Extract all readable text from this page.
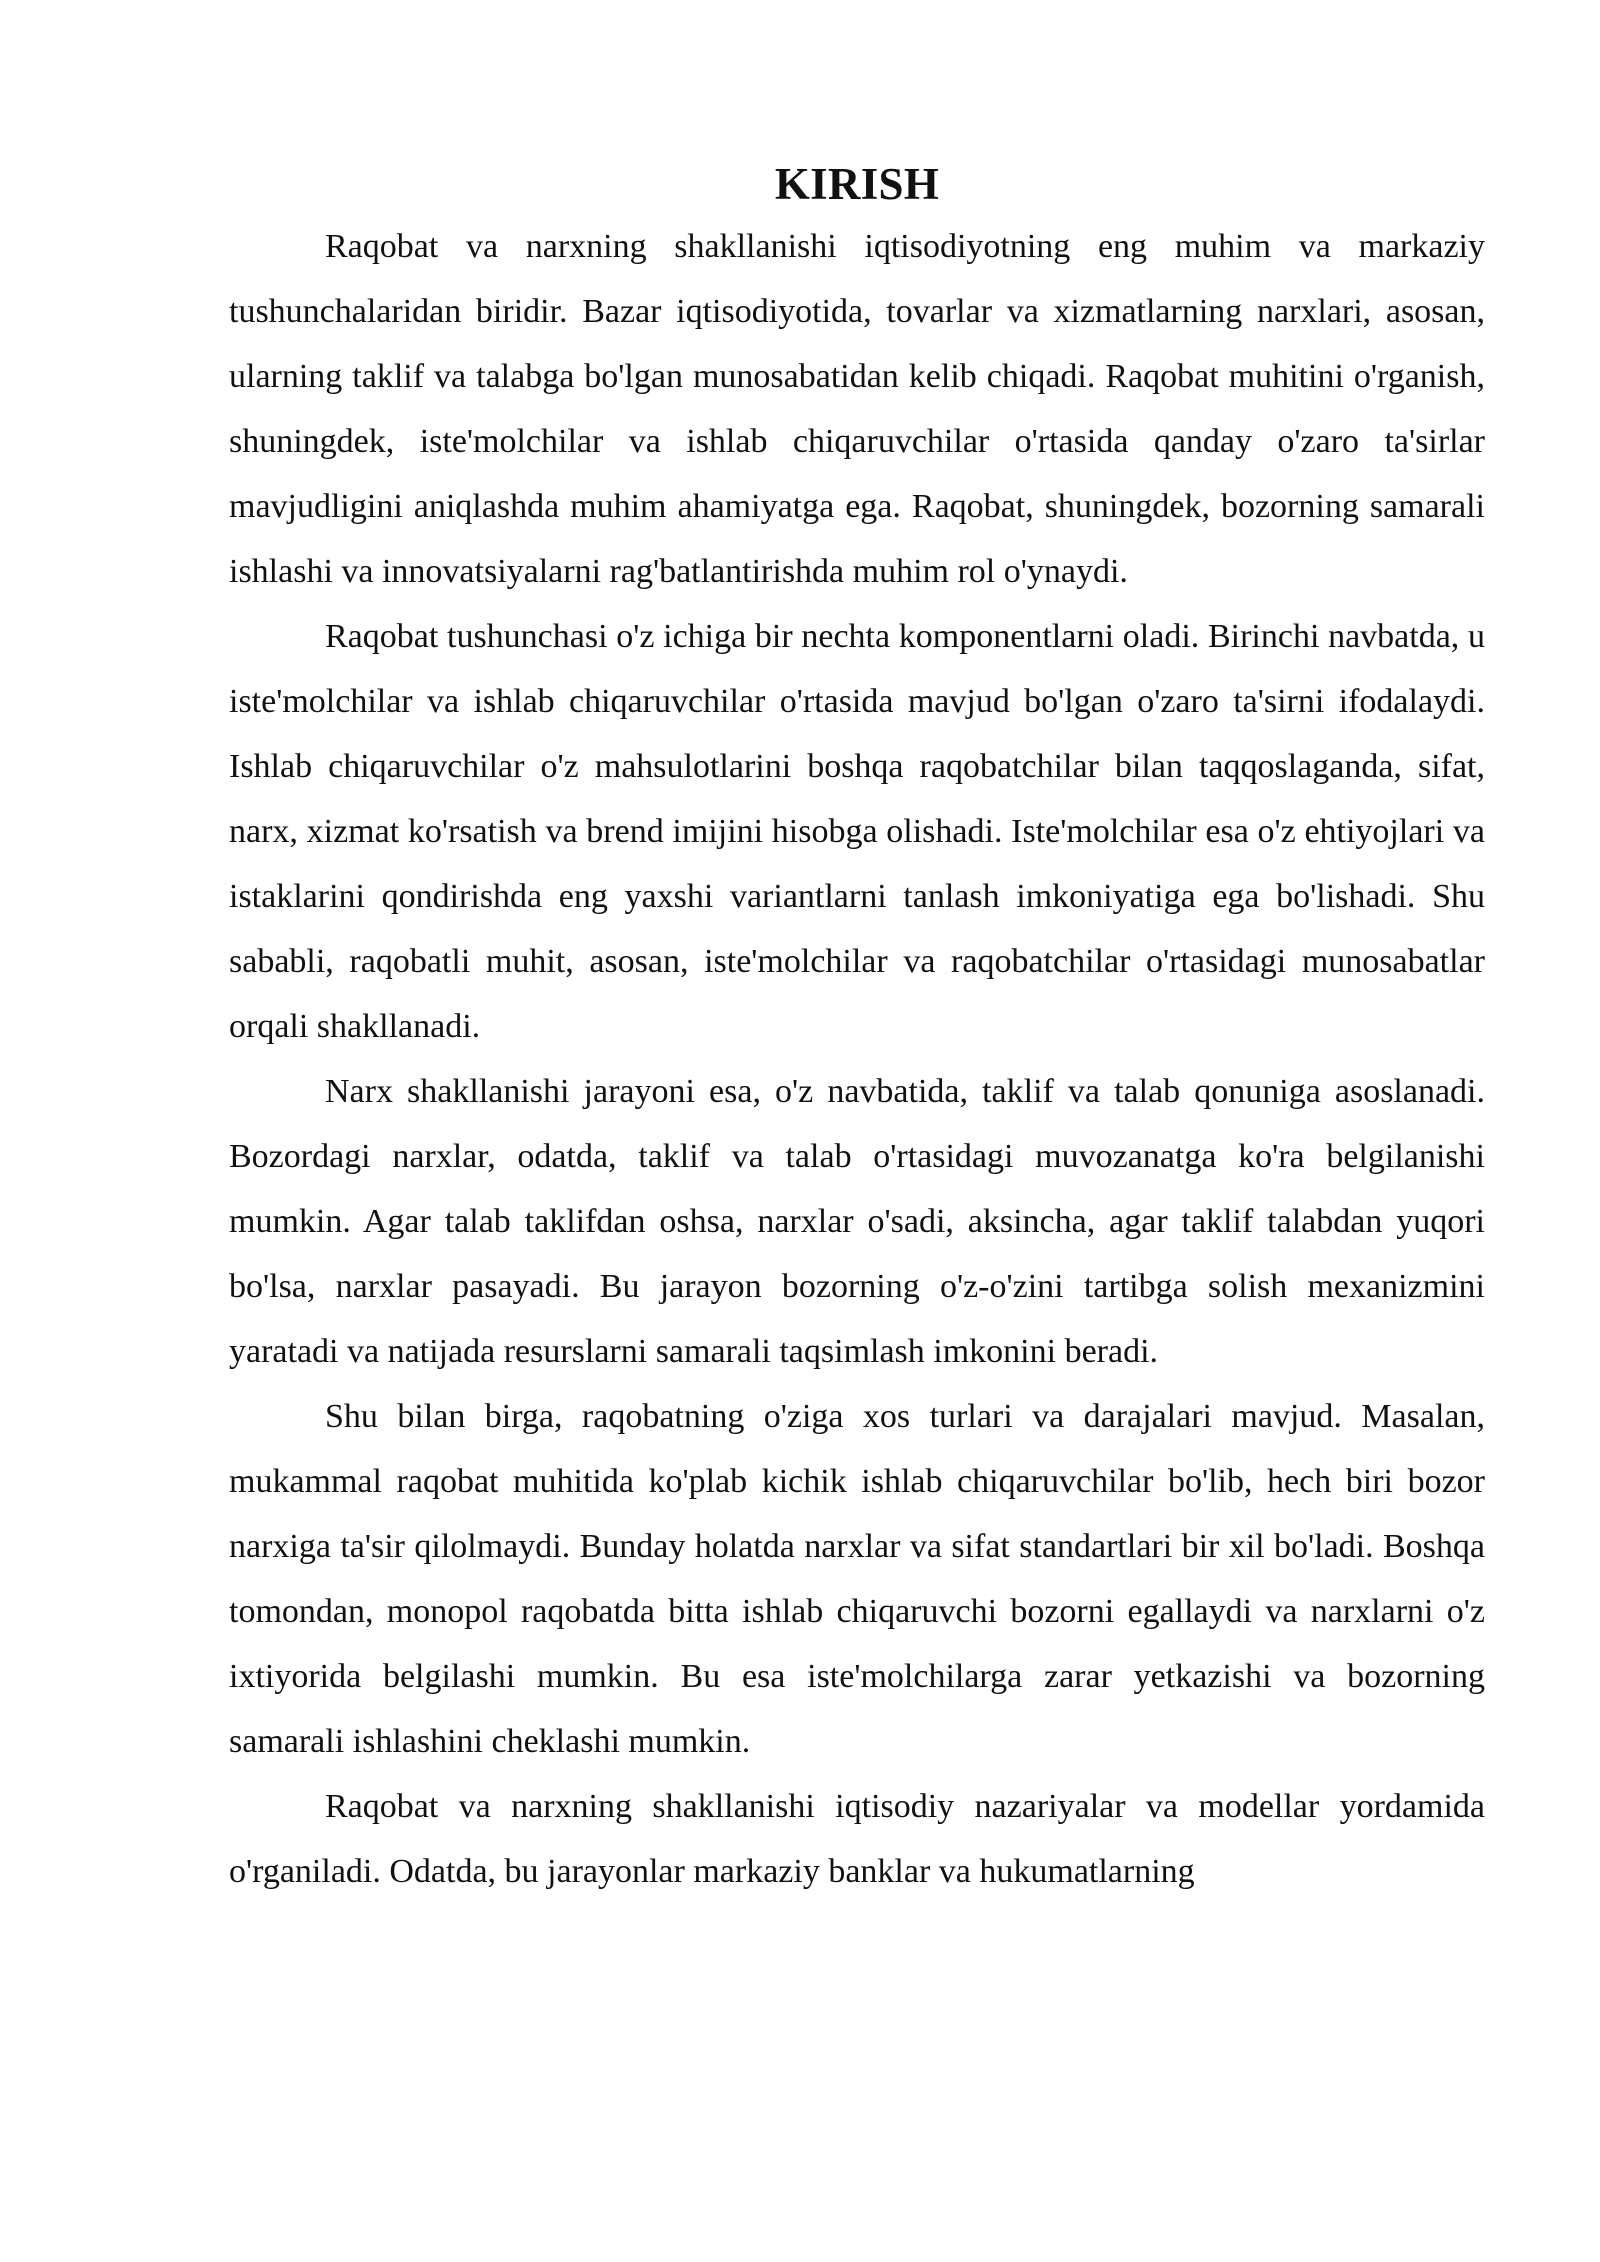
KIRISH

Raqobat va narxning shakllanishi iqtisodiyotning eng muhim va markaziy tushunchalaridan biridir. Bazar iqtisodiyotida, tovarlar va xizmatlarning narxlari, asosan, ularning taklif va talabga bo'lgan munosabatidan kelib chiqadi. Raqobat muhitini o'rganish, shuningdek, iste'molchilar va ishlab chiqaruvchilar o'rtasida qanday o'zaro ta'sirlar mavjudligini aniqlashda muhim ahamiyatga ega. Raqobat, shuningdek, bozorning samarali ishlashi va innovatsiyalarni rag'batlantirishda muhim rol o'ynaydi.

Raqobat tushunchasi o'z ichiga bir nechta komponentlarni oladi. Birinchi navbatda, u iste'molchilar va ishlab chiqaruvchilar o'rtasida mavjud bo'lgan o'zaro ta'sirni ifodalaydi. Ishlab chiqaruvchilar o'z mahsulotlarini boshqa raqobatchilar bilan taqqoslaganda, sifat, narx, xizmat ko'rsatish va brend imijini hisobga olishadi. Iste'molchilar esa o'z ehtiyojlari va istaklarini qondirishda eng yaxshi variantlarni tanlash imkoniyatiga ega bo'lishadi. Shu sababli, raqobatli muhit, asosan, iste'molchilar va raqobatchilar o'rtasidagi munosabatlar orqali shakllanadi.

Narx shakllanishi jarayoni esa, o'z navbatida, taklif va talab qonuniga asoslanadi. Bozordagi narxlar, odatda, taklif va talab o'rtasidagi muvozanatga ko'ra belgilanishi mumkin. Agar talab taklifdan oshsa, narxlar o'sadi, aksincha, agar taklif talabdan yuqori bo'lsa, narxlar pasayadi. Bu jarayon bozorning o'z-o'zini tartibga solish mexanizmini yaratadi va natijada resurslarni samarali taqsimlash imkonini beradi.

Shu bilan birga, raqobatning o'ziga xos turlari va darajalari mavjud. Masalan, mukammal raqobat muhitida ko'plab kichik ishlab chiqaruvchilar bo'lib, hech biri bozor narxiga ta'sir qilolmaydi. Bunday holatda narxlar va sifat standartlari bir xil bo'ladi. Boshqa tomondan, monopol raqobatda bitta ishlab chiqaruvchi bozorni egallaydi va narxlarni o'z ixtiyorida belgilashi mumkin. Bu esa iste'molchilarga zarar yetkazishi va bozorning samarali ishlashini cheklashi mumkin.

Raqobat va narxning shakllanishi iqtisodiy nazariyalar va modellar yordamida o'rganiladi. Odatda, bu jarayonlar markaziy banklar va hukumatlarning
